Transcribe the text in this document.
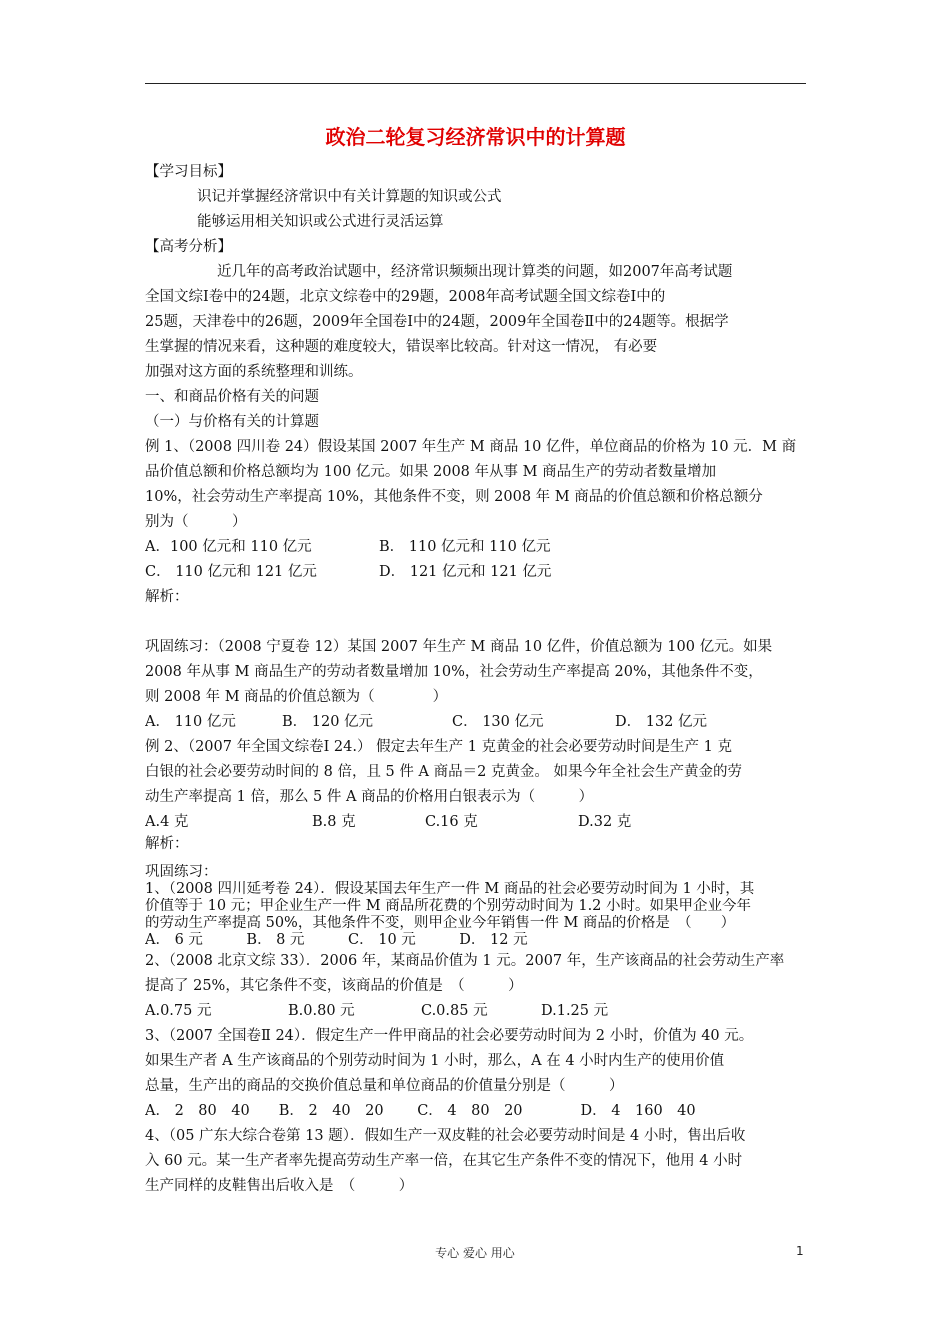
政治二轮复习经济常识中的计算题
【学习目标】
识记并掌握经济常识中有关计算题的知识或公式
能够运用相关知识或公式进行灵活运算
【高考分析】
近几年的高考政治试题中，经济常识频频出现计算类的问题，如2007年高考试题
全国文综Ⅰ卷中的24题，北京文综卷中的29题，2008年高考试题全国文综卷Ⅰ中的
25题，天津卷中的26题，2009年全国卷Ⅰ中的24题，2009年全国卷Ⅱ中的24题等。根据学
生掌握的情况来看，这种题的难度较大，错误率比较高。针对这一情况， 有必要
加强对这方面的系统整理和训练。
一、和商品价格有关的问题
（一）与价格有关的计算题
例 1、（2008 四川卷 24）假设某国 2007 年生产 M 商品 10 亿件，单位商品的价格为 10 元．M 商
品价值总额和价格总额均为 100 亿元。如果 2008 年从事 M 商品生产的劳动者数量增加
10%，社会劳动生产率提高 10%，其他条件不变，则 2008 年 M 商品的价值总额和价格总额分
别为（　　　）
A．100 亿元和 110 亿元	B． 110 亿元和 110 亿元
C． 110 亿元和 121 亿元	D． 121 亿元和 121 亿元
解析：
巩固练习：（2008 宁夏卷 12）某国 2007 年生产 M 商品 10 亿件，价值总额为 100 亿元。如果
2008 年从事 M 商品生产的劳动者数量增加 10%，社会劳动生产率提高 20%，其他条件不变，
则 2008 年 M 商品的价值总额为（　　　　）
A． 110 亿元	B． 120 亿元	C． 130 亿元	D． 132 亿元
例 2、（2007 年全国文综卷Ⅰ 24.） 假定去年生产 1 克黄金的社会必要劳动时间是生产 1 克
白银的社会必要劳动时间的 8 倍，且 5 件 A 商品＝2 克黄金。 如果今年全社会生产黄金的劳
动生产率提高 1 倍，那么 5 件 A 商品的价格用白银表示为（　　　）
A.4 克	B.8 克	C.16 克	D.32 克
解析：
巩固练习：
1、（2008 四川延考卷 24）．假设某国去年生产一件 M 商品的社会必要劳动时间为 1 小时，其
价值等于 10 元；甲企业生产一件 M 商品所花费的个别劳动时间为 1.2 小时。如果甲企业今年
的劳动生产率提高 50%，其他条件不变，则甲企业今年销售一件 M 商品的价格是　（　　）
A． 6 元　　　B． 8 元　　　C． 10 元　　　D． 12 元
2、（2008 北京文综 33）．2006 年，某商品价值为 1 元。2007 年，生产该商品的社会劳动生产率
提高了 25%，其它条件不变，该商品的价值是　（　　　）
A.0.75 元	B.0.80 元	C.0.85 元	D.1.25 元
3、（2007 全国卷Ⅱ 24）．假定生产一件甲商品的社会必要劳动时间为 2 小时，价值为 40 元。
如果生产者 A 生产该商品的个别劳动时间为 1 小时，那么，A 在 4 小时内生产的使用价值
总量，生产出的商品的交换价值总量和单位商品的价值量分别是（　　　）
A． 2　80　40　　B． 2　40　20　　 C． 4　80　20　　　　D． 4　160　40
4、（05 广东大综合卷第 13 题）．假如生产一双皮鞋的社会必要劳动时间是 4 小时，售出后收
入 60 元。某一生产者率先提高劳动生产率一倍，在其它生产条件不变的情况下，他用 4 小时
生产同样的皮鞋售出后收入是　（　　　）
专心 爱心 用心	1
